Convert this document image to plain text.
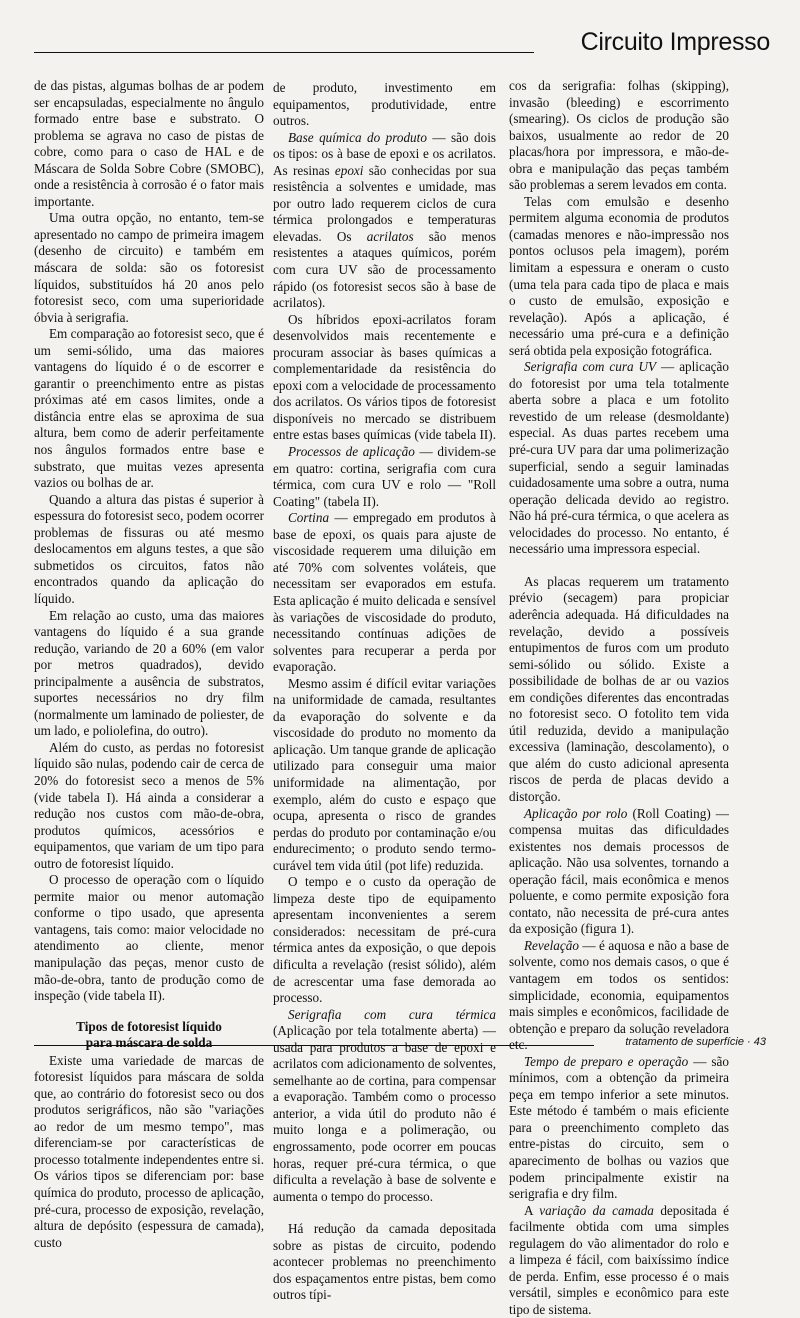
Circuito Impresso

de das pistas, algumas bolhas de ar podem ser encapsuladas, especialmente no ângulo formado entre base e substrato. O problema se agrava no caso de pistas de cobre, como para o caso de HAL e de Máscara de Solda Sobre Cobre (SMOBC), onde a resistência à corrosão é o fator mais importante.

Uma outra opção, no entanto, tem-se apresentado no campo de primeira imagem (desenho de circuito) e também em máscara de solda: são os fotoresist líquidos, substituídos há 20 anos pelo fotoresist seco, com uma superioridade óbvia à serigrafia.

Em comparação ao fotoresist seco, que é um semi-sólido, uma das maiores vantagens do líquido é o de escorrer e garantir o preenchimento entre as pistas próximas até em casos limites, onde a distância entre elas se aproxima de sua altura, bem como de aderir perfeitamente nos ângulos formados entre base e substrato, que muitas vezes apresenta vazios ou bolhas de ar.

Quando a altura das pistas é superior à espessura do fotoresist seco, podem ocorrer problemas de fissuras ou até mesmo deslocamentos em alguns testes, a que são submetidos os circuitos, fatos não encontrados quando da aplicação do líquido.

Em relação ao custo, uma das maiores vantagens do líquido é a sua grande redução, variando de 20 a 60% (em valor por metros quadrados), devido principalmente a ausência de substratos, suportes necessários no dry film (normalmente um laminado de poliester, de um lado, e poliolefina, do outro).

Além do custo, as perdas no fotoresist líquido são nulas, podendo cair de cerca de 20% do fotoresist seco a menos de 5% (vide tabela I). Há ainda a considerar a redução nos custos com mão-de-obra, produtos químicos, acessórios e equipamentos, que variam de um tipo para outro de fotoresist líquido.

O processo de operação com o líquido permite maior ou menor automação conforme o tipo usado, que apresenta vantagens, tais como: maior velocidade no atendimento ao cliente, menor manipulação das peças, menor custo de mão-de-obra, tanto de produção como de inspeção (vide tabela II).

Tipos de fotoresist líquido
para máscara de solda

Existe uma variedade de marcas de fotoresist líquidos para máscara de solda que, ao contrário do fotoresist seco ou dos produtos serigráficos, não são "variações ao redor de um mesmo tempo", mas diferenciam-se por características de processo totalmente independentes entre si. Os vários tipos se diferenciam por: base química do produto, processo de aplicação, pré-cura, processo de exposição, revelação, altura de depósito (espessura de camada), custo

de produto, investimento em equipamentos, produtividade, entre outros.

Base química do produto — são dois os tipos: os à base de epoxi e os acrilatos. As resinas epoxi são conhecidas por sua resistência a solventes e umidade, mas por outro lado requerem ciclos de cura térmica prolongados e temperaturas elevadas. Os acrilatos são menos resistentes a ataques químicos, porém com cura UV são de processamento rápido (os fotoresist secos são à base de acrilatos).

Os híbridos epoxi-acrilatos foram desenvolvidos mais recentemente e procuram associar às bases químicas a complementaridade da resistência do epoxi com a velocidade de processamento dos acrilatos. Os vários tipos de fotoresist disponíveis no mercado se distribuem entre estas bases químicas (vide tabela II).

Processos de aplicação — dividem-se em quatro: cortina, serigrafia com cura térmica, com cura UV e rolo — "Roll Coating" (tabela II).

Cortina — empregado em produtos à base de epoxi, os quais para ajuste de viscosidade requerem uma diluição em até 70% com solventes voláteis, que necessitam ser evaporados em estufa. Esta aplicação é muito delicada e sensível às variações de viscosidade do produto, necessitando contínuas adições de solventes para recuperar a perda por evaporação.

Mesmo assim é difícil evitar variações na uniformidade de camada, resultantes da evaporação do solvente e da viscosidade do produto no momento da aplicação. Um tanque grande de aplicação utilizado para conseguir uma maior uniformidade na alimentação, por exemplo, além do custo e espaço que ocupa, apresenta o risco de grandes perdas do produto por contaminação e/ou endurecimento; o produto sendo termo-curável tem vida útil (pot life) reduzida.

O tempo e o custo da operação de limpeza deste tipo de equipamento apresentam inconvenientes a serem considerados: necessitam de pré-cura térmica antes da exposição, o que depois dificulta a revelação (resist sólido), além de acrescentar uma fase demorada ao processo.

Serigrafia com cura térmica (Aplicação por tela totalmente aberta) — usada para produtos a base de epoxi e acrilatos com adicionamento de solventes, semelhante ao de cortina, para compensar a evaporação. Também como o processo anterior, a vida útil do produto não é muito longa e a polimeração, ou engrossamento, pode ocorrer em poucas horas, requer pré-cura térmica, o que dificulta a revelação à base de solvente e aumenta o tempo do processo.

Há redução da camada depositada sobre as pistas de circuito, podendo acontecer problemas no preenchimento dos espaçamentos entre pistas, bem como outros típi-

cos da serigrafia: folhas (skipping), invasão (bleeding) e escorrimento (smearing). Os ciclos de produção são baixos, usualmente ao redor de 20 placas/hora por impressora, e mão-de-obra e manipulação das peças também são problemas a serem levados em conta.

Telas com emulsão e desenho permitem alguma economia de produtos (camadas menores e não-impressão nos pontos oclusos pela imagem), porém limitam a espessura e oneram o custo (uma tela para cada tipo de placa e mais o custo de emulsão, exposição e revelação). Após a aplicação, é necessário uma pré-cura e a definição será obtida pela exposição fotográfica.

Serigrafia com cura UV — aplicação do fotoresist por uma tela totalmente aberta sobre a placa e um fotolito revestido de um release (desmoldante) especial. As duas partes recebem uma pré-cura UV para dar uma polimerização superficial, sendo a seguir laminadas cuidadosamente uma sobre a outra, numa operação delicada devido ao registro. Não há pré-cura térmica, o que acelera as velocidades do processo. No entanto, é necessário uma impressora especial.

As placas requerem um tratamento prévio (secagem) para propiciar aderência adequada. Há dificuldades na revelação, devido a possíveis entupimentos de furos com um produto semi-sólido ou sólido. Existe a possibilidade de bolhas de ar ou vazios em condições diferentes das encontradas no fotoresist seco. O fotolito tem vida útil reduzida, devido a manipulação excessiva (laminação, descolamento), o que além do custo adicional apresenta riscos de perda de placas devido a distorção.

Aplicação por rolo (Roll Coating) — compensa muitas das dificuldades existentes nos demais processos de aplicação. Não usa solventes, tornando a operação fácil, mais econômica e menos poluente, e como permite exposição fora contato, não necessita de pré-cura antes da exposição (figura 1).

Revelação — é aquosa e não a base de solvente, como nos demais casos, o que é vantagem em todos os sentidos: simplicidade, economia, equipamentos mais simples e econômicos, facilidade de obtenção e preparo da solução reveladora etc.

Tempo de preparo e operação — são mínimos, com a obtenção da primeira peça em tempo inferior a sete minutos. Este método é também o mais eficiente para o preenchimento completo das entre-pistas do circuito, sem o aparecimento de bolhas ou vazios que podem principalmente existir na serigrafia e dry film.

A variação da camada depositada é facilmente obtida com uma simples regulagem do vão alimentador do rolo e a limpeza é fácil, com baixíssimo índice de perda. Enfim, esse processo é o mais versátil, simples e econômico para este tipo de sistema.

tratamento de superfície · 43
